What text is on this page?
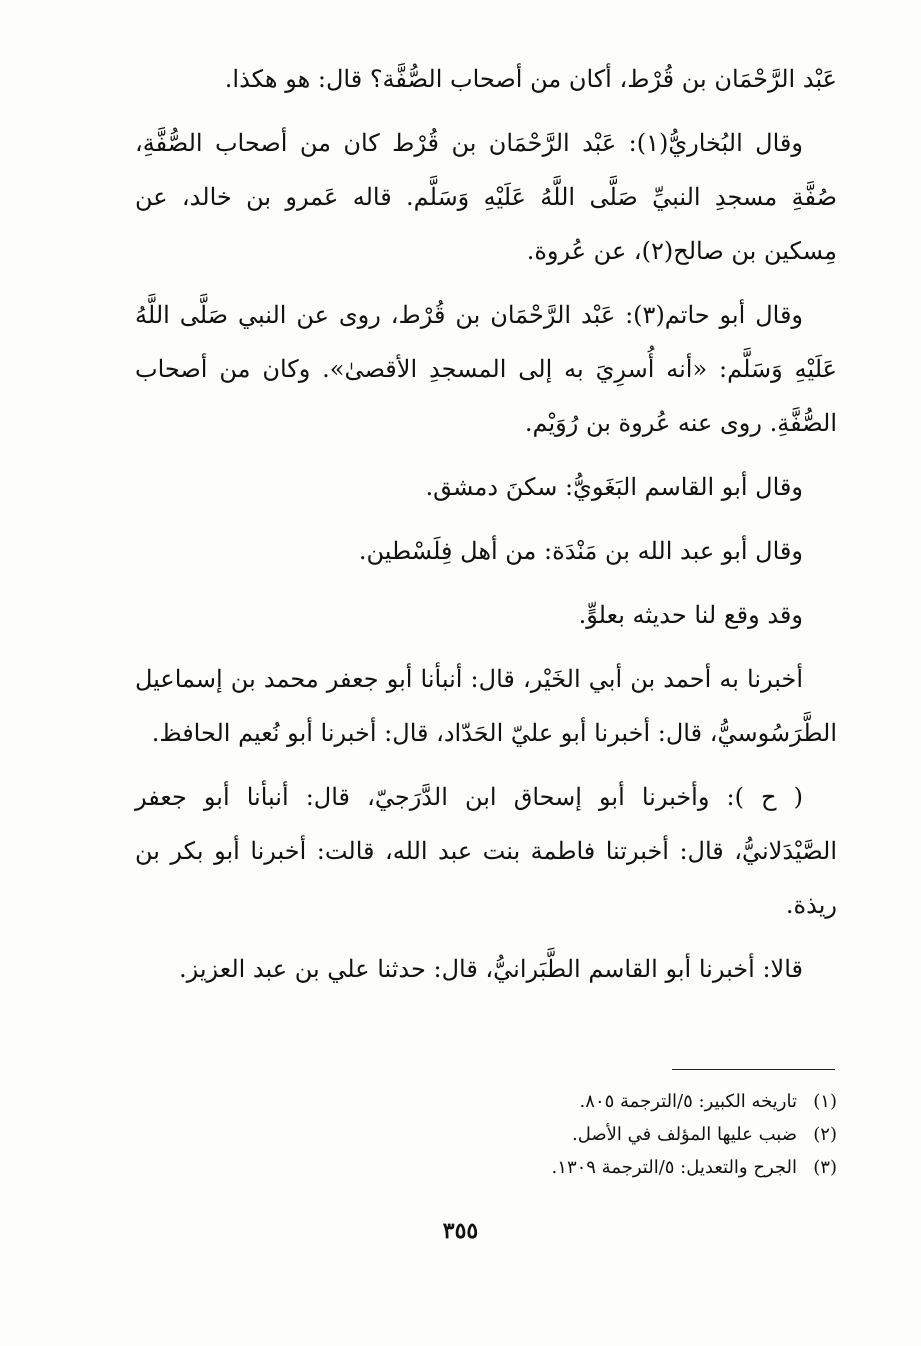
عَبْد الرَّحْمَان بن قُرْط، أكان من أصحاب الصُّفَّة؟ قال: هو هكذا.

وقال البُخاريُّ(١): عَبْد الرَّحْمَان بن قُرْط كان من أصحاب الصُّفَّةِ، صُفَّةِ مسجدِ النبيِّ صَلَّى اللَّهُ عَلَيْهِ وَسَلَّم. قاله عَمرو بن خالد، عن مِسكين بن صالح(٢)، عن عُروة.

وقال أبو حاتم(٣): عَبْد الرَّحْمَان بن قُرْط، روى عن النبي صَلَّى اللَّهُ عَلَيْهِ وَسَلَّم: «أنه أُسرِيَ به إلى المسجدِ الأقصىٰ». وكان من أصحاب الصُّفَّةِ. روى عنه عُروة بن رُوَيْم.

وقال أبو القاسم البَغَويُّ: سكنَ دمشق.

وقال أبو عبد الله بن مَنْدَة: من أهل فِلَسْطين.

وقد وقع لنا حديثه بعلوٍّ.

أخبرنا به أحمد بن أبي الخَيْر، قال: أنبأنا أبو جعفر محمد بن إسماعيل الطَّرَسُوسيُّ، قال: أخبرنا أبو عليّ الحَدّاد، قال: أخبرنا أبو نُعيم الحافظ.

( ح ): وأخبرنا أبو إسحاق ابن الدَّرَجيّ، قال: أنبأنا أبو جعفر الصَّيْدَلانيُّ، قال: أخبرتنا فاطمة بنت عبد الله، قالت: أخبرنا أبو بكر بن ريذة.

قالا: أخبرنا أبو القاسم الطَّبَرانيُّ، قال: حدثنا علي بن عبد العزيز.

(١)تاريخه الكبير: ٥/الترجمة ٨٠٥.
(٢)ضبب عليها المؤلف في الأصل.
(٣)الجرح والتعديل: ٥/الترجمة ١٣٠٩.
٣٥٥
